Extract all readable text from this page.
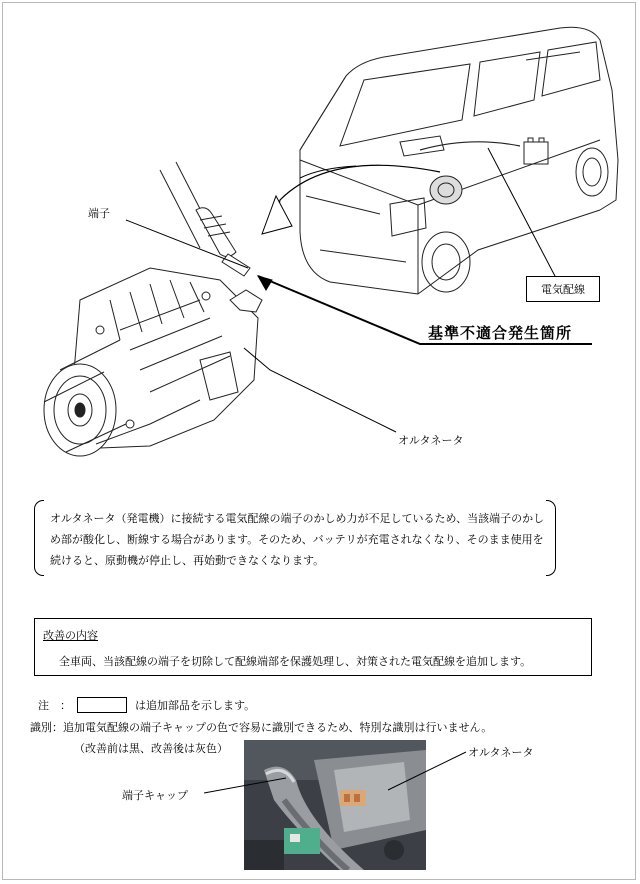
端子
電気配線
基準不適合発生箇所
オルタネータ

オルタネータ（発電機）に接続する電気配線の端子のかしめ力が不足しているため、当該端子のかしめ部が酸化し、断線する場合があります。そのため、バッテリが充電されなくなり、そのまま使用を続けると、原動機が停止し、再始動できなくなります。

改善の内容
全車両、当該配線の端子を切除して配線端部を保護処理し、対策された電気配線を追加します。
注　：	は追加部品を示します。
識別：追加電気配線の端子キャップの色で容易に識別できるため、特別な識別は行いません。
（改善前は黒、改善後は灰色）	オルタネータ
端子キャップ
